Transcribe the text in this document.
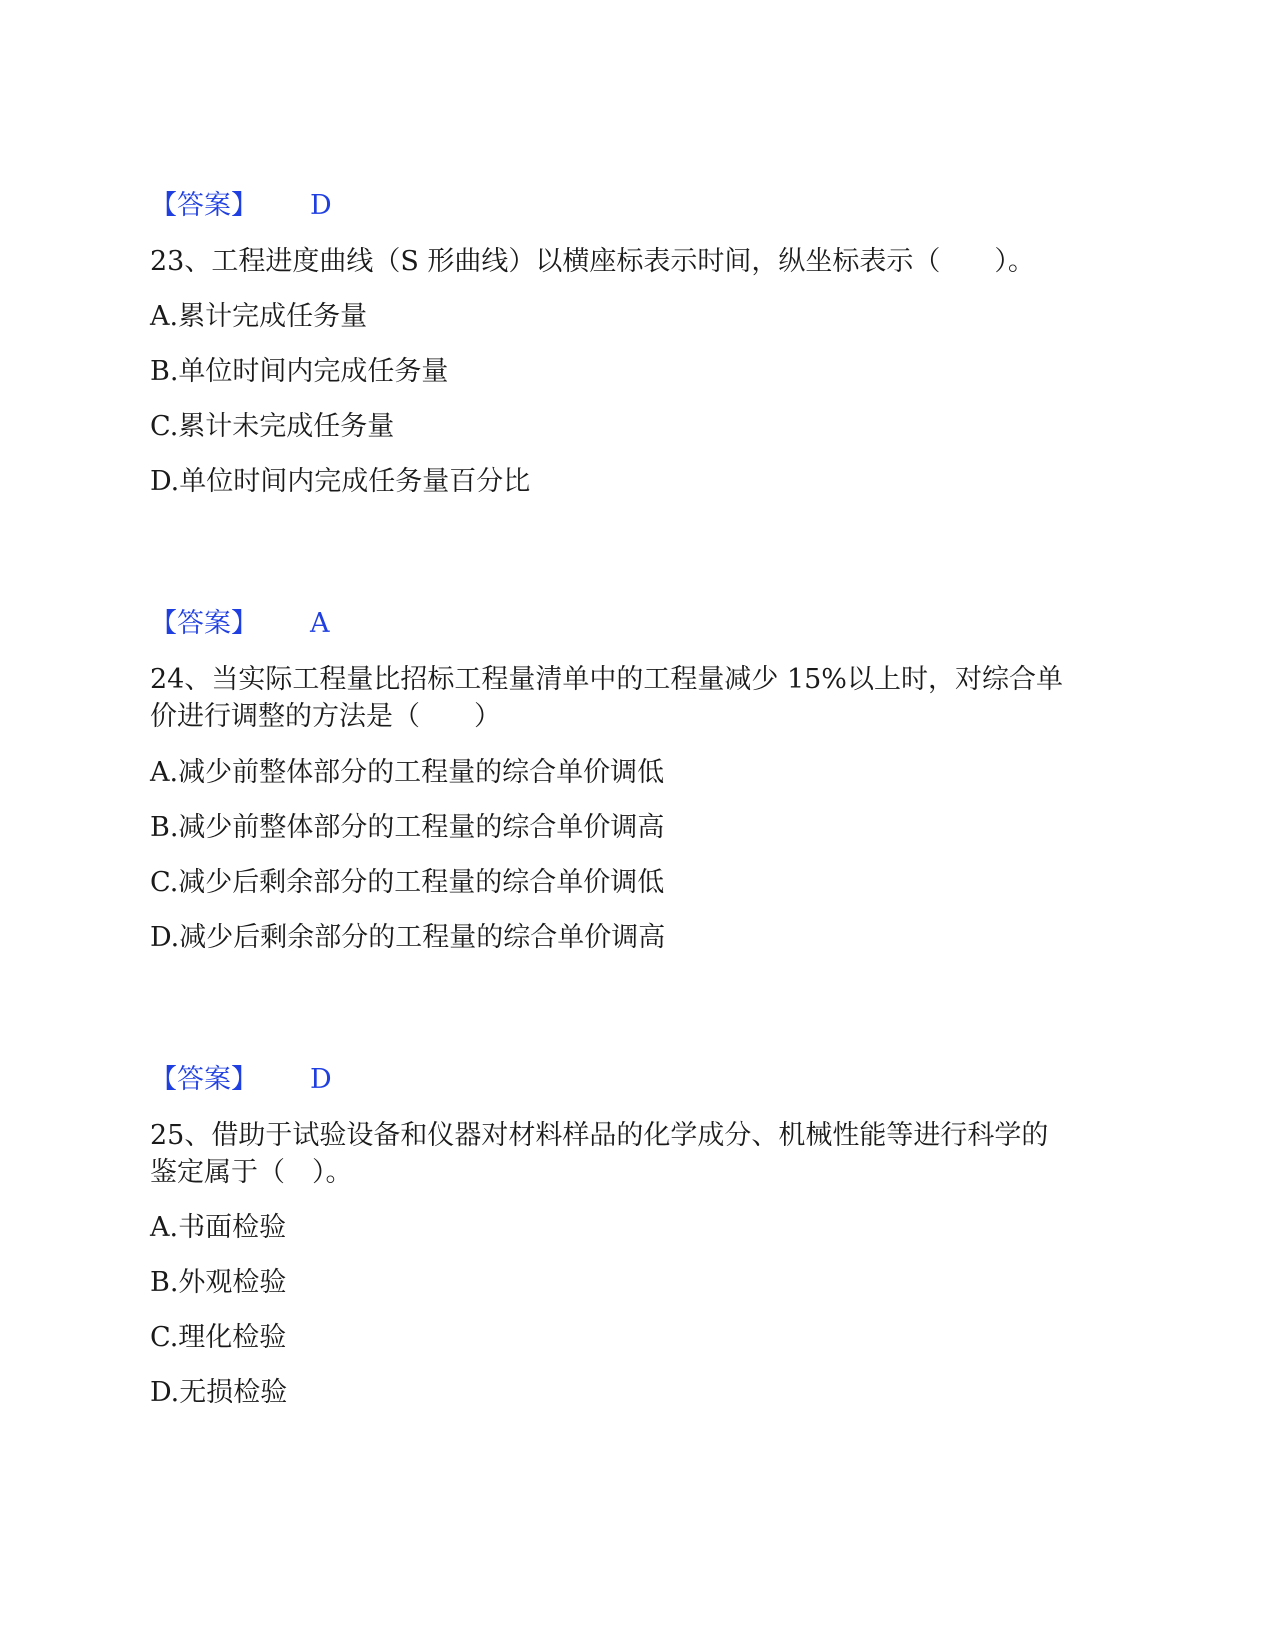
【答案】 D
23、工程进度曲线（S 形曲线）以横座标表示时间，纵坐标表示（　　）。
A.累计完成任务量
B.单位时间内完成任务量
C.累计未完成任务量
D.单位时间内完成任务量百分比
【答案】 A
24、当实际工程量比招标工程量清单中的工程量减少 15%以上时，对综合单
价进行调整的方法是（　　）
A.减少前整体部分的工程量的综合单价调低
B.减少前整体部分的工程量的综合单价调高
C.减少后剩余部分的工程量的综合单价调低
D.减少后剩余部分的工程量的综合单价调高
【答案】 D
25、借助于试验设备和仪器对材料样品的化学成分、机械性能等进行科学的
鉴定属于（　）。
A.书面检验
B.外观检验
C.理化检验
D.无损检验
